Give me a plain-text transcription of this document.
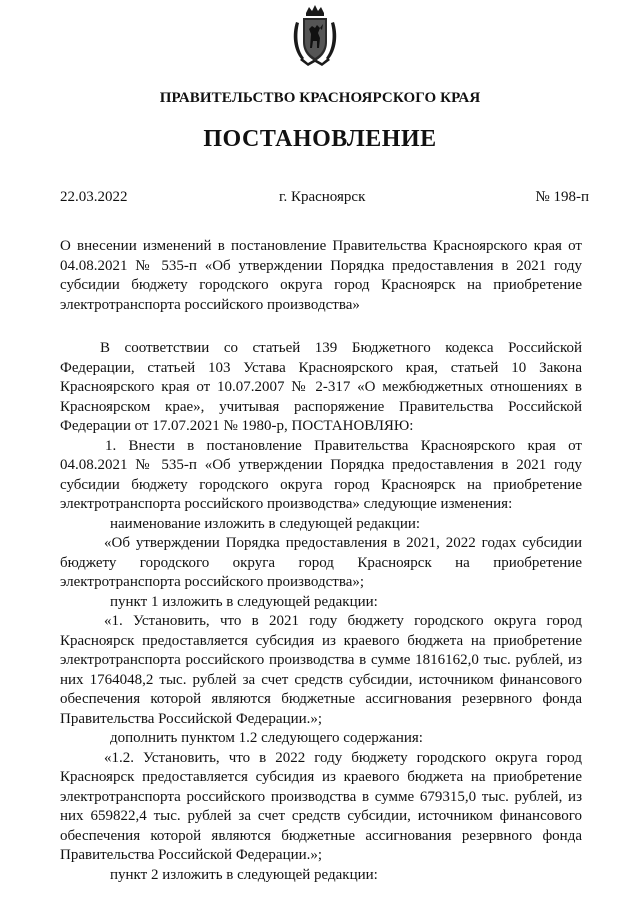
ПРАВИТЕЛЬСТВО КРАСНОЯРСКОГО КРАЯ
ПОСТАНОВЛЕНИЕ
22.03.2022	г. Красноярск	№ 198-п
О внесении изменений в постановление Правительства Красноярского края от 04.08.2021 № 535-п «Об утверждении Порядка предоставления в 2021 году субсидии бюджету городского округа город Красноярск на приобретение электротранспорта российского производства»

В соответствии со статьей 139 Бюджетного кодекса Российской Федерации, статьей 103 Устава Красноярского края, статьей 10 Закона Красноярского края от 10.07.2007 № 2-317 «О межбюджетных отношениях в Красноярском крае», учитывая распоряжение Правительства Российской Федерации от 17.07.2021 № 1980-р, ПОСТАНОВЛЯЮ:

1. Внести в постановление Правительства Красноярского края от 04.08.2021 № 535-п «Об утверждении Порядка предоставления в 2021 году субсидии бюджету городского округа город Красноярск на приобретение электротранспорта российского производства» следующие изменения:

наименование изложить в следующей редакции:

«Об утверждении Порядка предоставления в 2021, 2022 годах субсидии бюджету городского округа город Красноярск на приобретение электротранспорта российского производства»;

пункт 1 изложить в следующей редакции:

«1. Установить, что в 2021 году бюджету городского округа город Красноярск предоставляется субсидия из краевого бюджета на приобретение электротранспорта российского производства в сумме 1816162,0 тыс. рублей, из них 1764048,2 тыс. рублей за счет средств субсидии, источником финансового обеспечения которой являются бюджетные ассигнования резервного фонда Правительства Российской Федерации.»;

дополнить пунктом 1.2 следующего содержания:

«1.2. Установить, что в 2022 году бюджету городского округа город Красноярск предоставляется субсидия из краевого бюджета на приобретение электротранспорта российского производства в сумме 679315,0 тыс. рублей, из них 659822,4 тыс. рублей за счет средств субсидии, источником финансового обеспечения которой являются бюджетные ассигнования резервного фонда Правительства Российской Федерации.»;

пункт 2 изложить в следующей редакции:
